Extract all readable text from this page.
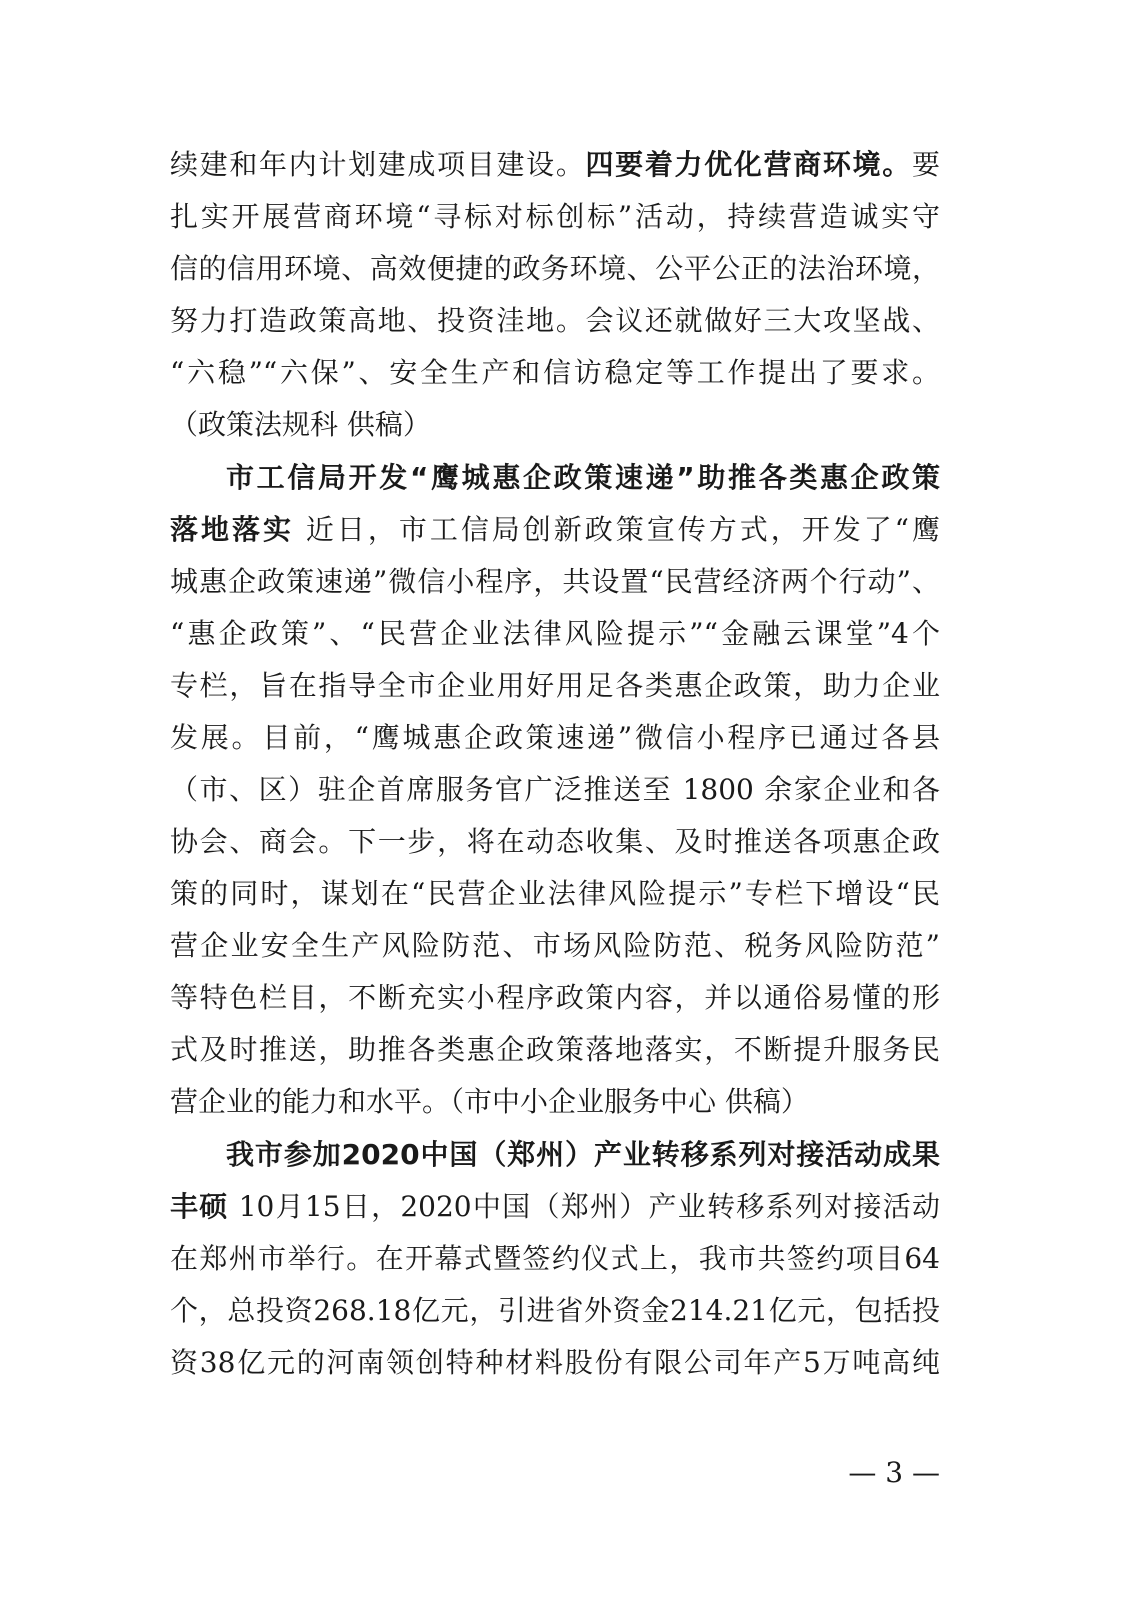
续建和年内计划建成项目建设。四要着力优化营商环境。要
扎实开展营商环境“寻标对标创标”活动，持续营造诚实守
信的信用环境、高效便捷的政务环境、公平公正的法治环境，
努力打造政策高地、投资洼地。会议还就做好三大攻坚战、
“六稳”“六保”、安全生产和信访稳定等工作提出了要求。
（政策法规科 供稿）
市工信局开发“鹰城惠企政策速递”助推各类惠企政策
落地落实 近日，市工信局创新政策宣传方式，开发了“鹰
城惠企政策速递”微信小程序，共设置“民营经济两个行动”、
“惠企政策”、“民营企业法律风险提示”“金融云课堂”4个
专栏，旨在指导全市企业用好用足各类惠企政策，助力企业
发展。目前，“鹰城惠企政策速递”微信小程序已通过各县
（市、区）驻企首席服务官广泛推送至 1800 余家企业和各
协会、商会。下一步，将在动态收集、及时推送各项惠企政
策的同时，谋划在“民营企业法律风险提示”专栏下增设“民
营企业安全生产风险防范、市场风险防范、税务风险防范”
等特色栏目，不断充实小程序政策内容，并以通俗易懂的形
式及时推送，助推各类惠企政策落地落实，不断提升服务民
营企业的能力和水平。（市中小企业服务中心 供稿）
我市参加2020中国（郑州）产业转移系列对接活动成果
丰硕 10月15日，2020中国（郑州）产业转移系列对接活动
在郑州市举行。在开幕式暨签约仪式上，我市共签约项目64
个，总投资268.18亿元，引进省外资金214.21亿元，包括投
资38亿元的河南领创特种材料股份有限公司年产5万吨高纯
— 3 —
